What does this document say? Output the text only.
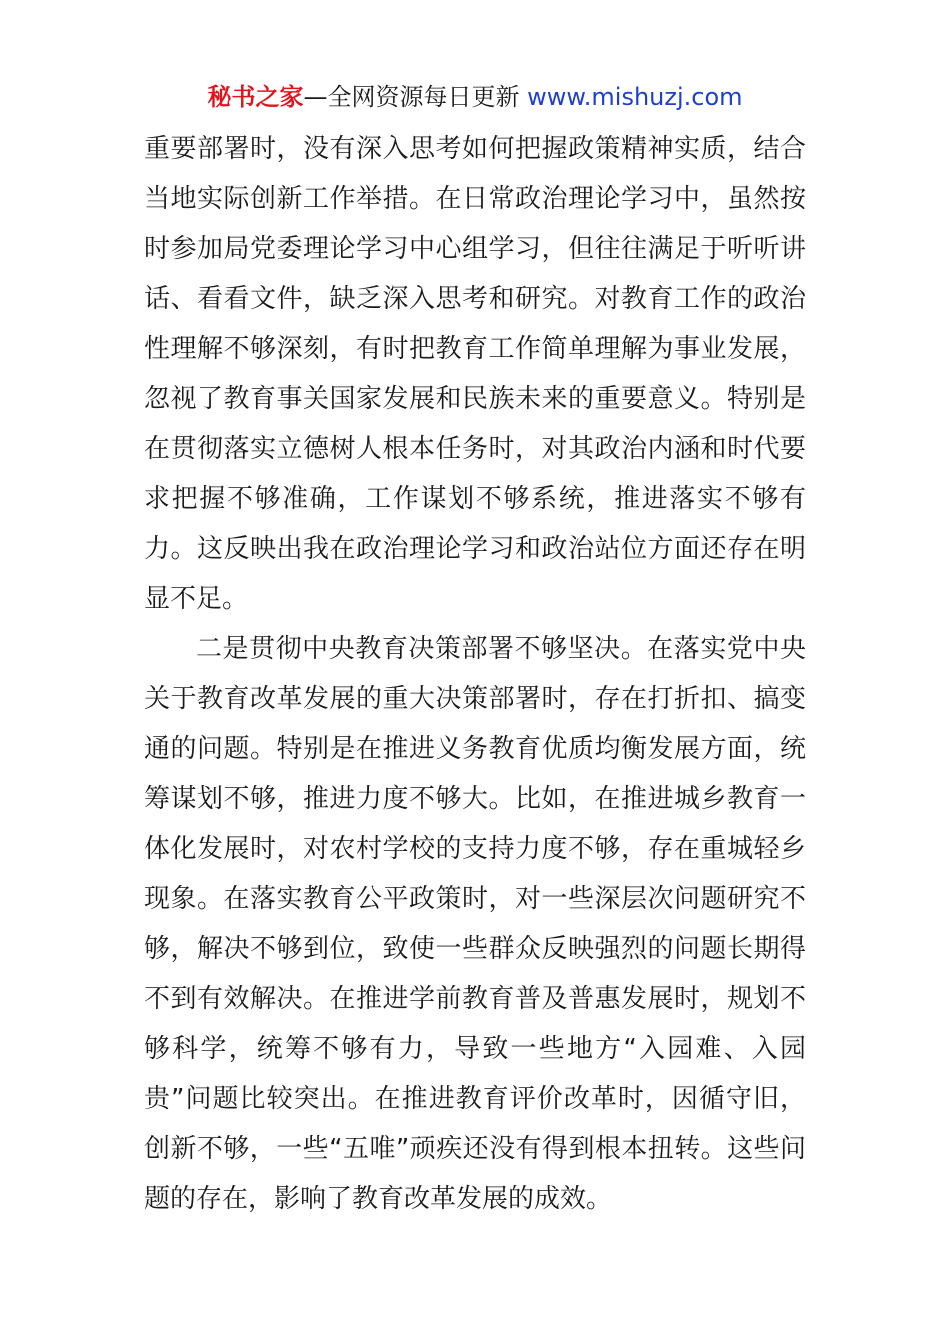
秘书之家—全网资源每日更新 www.mishuzj.com

重要部署时，没有深入思考如何把握政策精神实质，结合当地实际创新工作举措。在日常政治理论学习中，虽然按时参加局党委理论学习中心组学习，但往往满足于听听讲话、看看文件，缺乏深入思考和研究。对教育工作的政治性理解不够深刻，有时把教育工作简单理解为事业发展，忽视了教育事关国家发展和民族未来的重要意义。特别是在贯彻落实立德树人根本任务时，对其政治内涵和时代要求把握不够准确，工作谋划不够系统，推进落实不够有力。这反映出我在政治理论学习和政治站位方面还存在明显不足。

二是贯彻中央教育决策部署不够坚决。在落实党中央关于教育改革发展的重大决策部署时，存在打折扣、搞变通的问题。特别是在推进义务教育优质均衡发展方面，统筹谋划不够，推进力度不够大。比如，在推进城乡教育一体化发展时，对农村学校的支持力度不够，存在重城轻乡现象。在落实教育公平政策时，对一些深层次问题研究不够，解决不够到位，致使一些群众反映强烈的问题长期得不到有效解决。在推进学前教育普及普惠发展时，规划不够科学，统筹不够有力，导致一些地方“入园难、入园贵”问题比较突出。在推进教育评价改革时，因循守旧，创新不够，一些“五唯”顽疾还没有得到根本扭转。这些问题的存在，影响了教育改革发展的成效。
